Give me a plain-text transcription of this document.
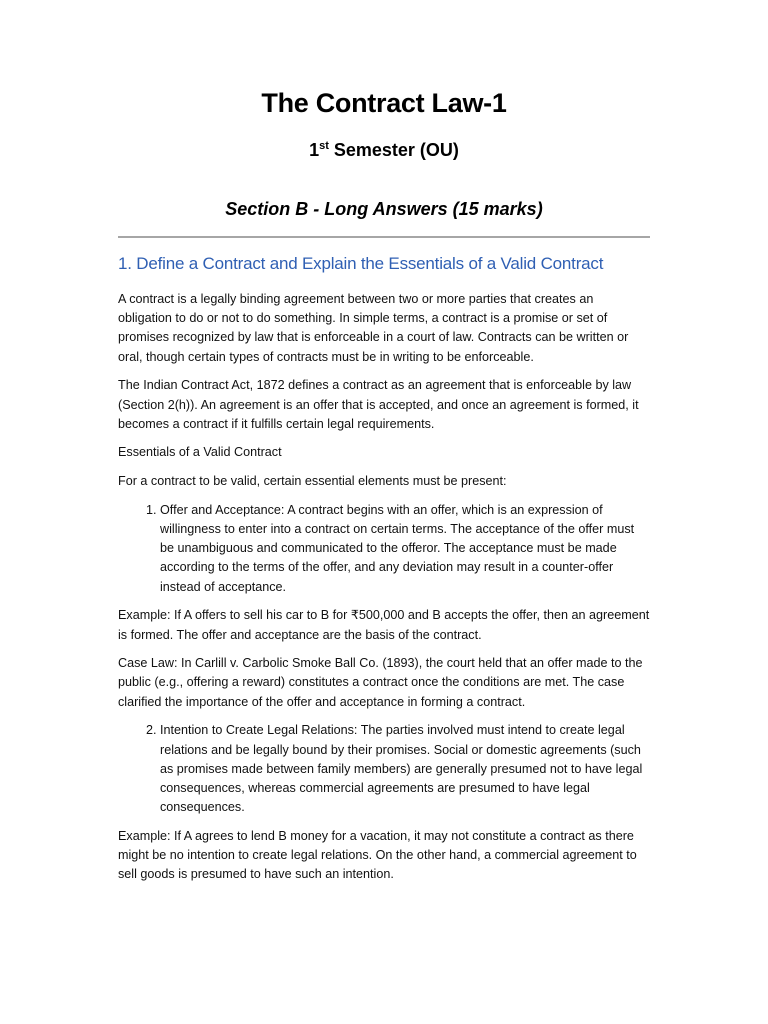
The Contract Law-1
1st Semester (OU)
Section B - Long Answers (15 marks)
1. Define a Contract and Explain the Essentials of a Valid Contract

A contract is a legally binding agreement between two or more parties that creates an obligation to do or not to do something. In simple terms, a contract is a promise or set of promises recognized by law that is enforceable in a court of law. Contracts can be written or oral, though certain types of contracts must be in writing to be enforceable.

The Indian Contract Act, 1872 defines a contract as an agreement that is enforceable by law (Section 2(h)). An agreement is an offer that is accepted, and once an agreement is formed, it becomes a contract if it fulfills certain legal requirements.

Essentials of a Valid Contract

For a contract to be valid, certain essential elements must be present:

1. Offer and Acceptance: A contract begins with an offer, which is an expression of willingness to enter into a contract on certain terms. The acceptance of the offer must be unambiguous and communicated to the offeror. The acceptance must be made according to the terms of the offer, and any deviation may result in a counter-offer instead of acceptance.

Example: If A offers to sell his car to B for ₹500,000 and B accepts the offer, then an agreement is formed. The offer and acceptance are the basis of the contract.

Case Law: In Carlill v. Carbolic Smoke Ball Co. (1893), the court held that an offer made to the public (e.g., offering a reward) constitutes a contract once the conditions are met. The case clarified the importance of the offer and acceptance in forming a contract.

2. Intention to Create Legal Relations: The parties involved must intend to create legal relations and be legally bound by their promises. Social or domestic agreements (such as promises made between family members) are generally presumed not to have legal consequences, whereas commercial agreements are presumed to have legal consequences.

Example: If A agrees to lend B money for a vacation, it may not constitute a contract as there might be no intention to create legal relations. On the other hand, a commercial agreement to sell goods is presumed to have such an intention.
